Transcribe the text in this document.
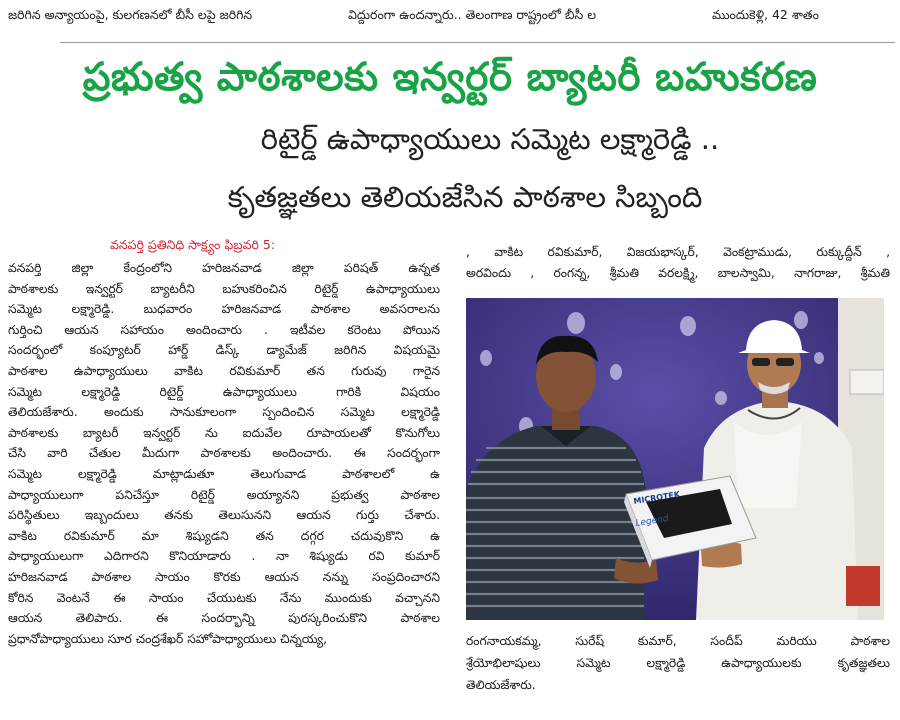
జరిగిన అన్యాయంపై, కులగణనలో బీసీ లపై జరిగిన	విద్దురంగా ఉందన్నారు.. తెలంగాణ రాష్ట్రంలో బీసీ ల	ముందుకెళ్లి, 42 శాతం
ప్రభుత్వ పాఠశాలకు ఇన్వర్టర్ బ్యాటరీ బహుకరణ
రిటైర్డ్ ఉపాధ్యాయులు సమ్మెట లక్ష్మారెడ్డి ..
కృతజ్ఞతలు తెలియజేసిన పాఠశాల సిబ్బంది
వనపర్తి ప్రతినిధి సాక్ష్యం ఫిబ్రవరి 5:

వనపర్తి జిల్లా కేంద్రంలోని హరిజనవాడ జిల్లా పరిషత్ ఉన్నత

పాఠశాలకు ఇన్వర్టర్ బ్యాటరీని బహుకరించిన రిటైర్డ్ ఉపాధ్యాయులు

సమ్మెట లక్ష్మారెడ్డి. బుధవారం హరిజనవాడ పాఠశాల అవసరాలను

గుర్తించి ఆయన సహాయం అందించారు . ఇటీవల కరెంటు పోయిన

సందర్భంలో కంప్యూటర్ హార్డ్ డిస్క్ డ్యామేజ్ జరిగిన విషయమై

పాఠశాల ఉపాధ్యాయులు వాకిట రవికుమార్ తన గురువు గారైన

సమ్మెట లక్ష్మారెడ్డి రిటైర్డ్ ఉపాధ్యాయులు గారికి విషయం

తెలియజేశారు. అందుకు సానుకూలంగా స్పందించిన సమ్మెట లక్ష్మారెడ్డి

పాఠశాలకు బ్యాటరీ ఇన్వర్టర్ ను ఐదువేల రూపాయలతో కొనుగోలు

చేసి వారి చేతుల మీదుగా పాఠశాలకు అందించారు. ఈ సందర్భంగా

సమ్మెట లక్ష్మారెడ్డి మాట్లాడుతూ తెలుగువాడ పాఠశాలలో ఉ

పాధ్యాయులుగా పనిచేస్తూ రిటైర్డ్ అయ్యానని ప్రభుత్వ పాఠశాల

పరిస్థితులు ఇబ్బందులు తనకు తెలుసునని ఆయన గుర్తు చేశారు.

వాకిట రవికుమార్ మా శిష్యుడని తన దగ్గర చదువుకొని ఉ

పాధ్యాయులుగా ఎదిగారని కొనియాడారు . నా శిష్యుడు రవి కుమార్

హరిజనవాడ పాఠశాల సాయం కొరకు ఆయన నన్ను సంప్రదించారని

కోరిన వెంటనే ఈ సాయం చేయుటకు నేను ముందుకు వచ్చానని

ఆయన తెలిపారు. ఈ సందర్భాన్ని పురస్కరించుకొని పాఠశాల

ప్రధానోపాధ్యాయులు సూర చంద్రశేఖర్ సహోపాధ్యాయులు చిన్నయ్య,

, వాకిట రవికుమార్, విజయభాస్కర్, వెంకట్రాముడు, రుక్కుద్దీన్ ,

అరవిందు , రంగన్న, శ్రీమతి వరలక్ష్మి, బాలస్వామి, నాగరాజు, శ్రీమతి

MICROTEK
Legend

రంగనాయకమ్మ, సురేష్ కుమార్, సందీప్ మరియు పాఠశాల

శ్రేయోభిలాషులు సమ్మెట లక్ష్మారెడ్డి ఉపాధ్యాయులకు కృతజ్ఞతలు

తెలియజేశారు.
